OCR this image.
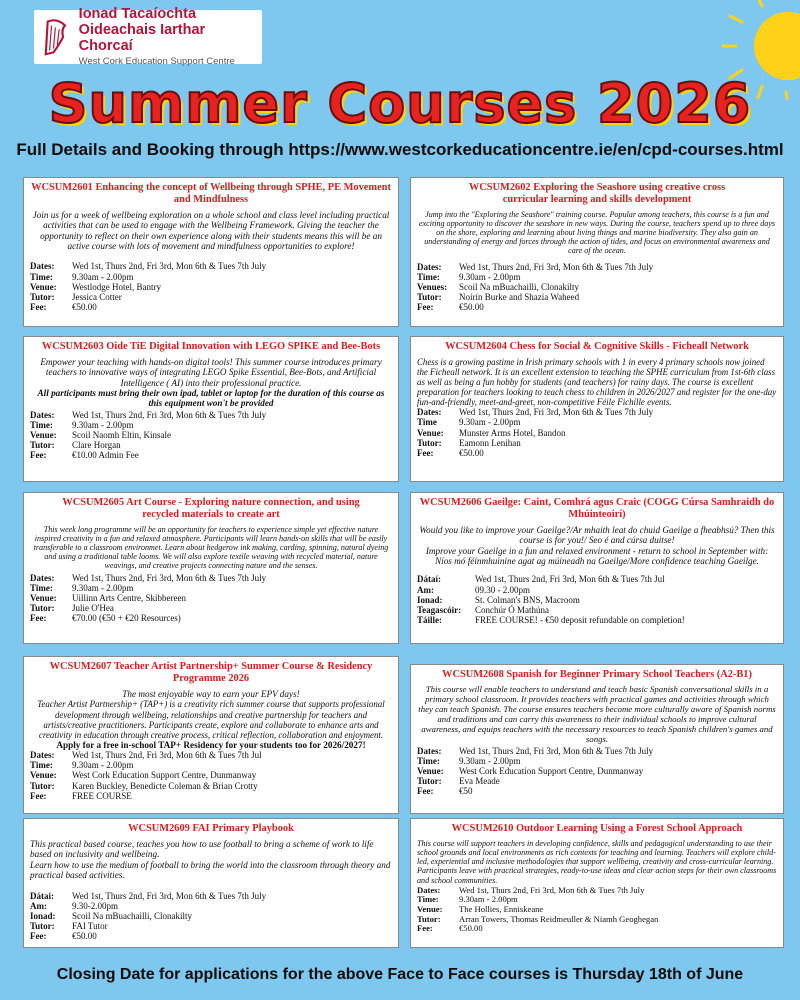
Ionad Tacaíochta
Oideachais Iarthar Chorcaí
West Cork Education Support Centre
Summer Courses 2026
Full Details and Booking through https://www.westcorkeducationcentre.ie/en/cpd-courses.html
WCSUM2601 Enhancing the concept of Wellbeing through SPHE, PE Movement and Mindfulness
Join us for a week of wellbeing exploration on a whole school and class level including practical activities that can be used to engage with the Wellbeing Framework. Giving the teacher the opportunity to reflect on their own experience along with their students means this will be an active course with lots of movement and mindfulness opportunities to explore!
Dates:	Wed 1st, Thurs 2nd, Fri 3rd, Mon 6th & Tues 7th July
Time:	9.30am - 2.00pm
Venue:	Westlodge Hotel, Bantry
Tutor:	Jessica Cotter
Fee:	€50.00
WCSUM2602 Exploring the Seashore using creative cross curricular learning and skills development
Jump into the "Exploring the Seashore" training course. Popular among teachers, this course is a fun and exciting opportunity to discover the seashore in new ways. During the course, teachers spend up to three days on the shore, exploring and learning about living things and marine biodiversity. They also gain an understanding of energy and forces through the action of tides, and focus on environmental awareness and care of the ocean.
Dates:	Wed 1st, Thurs 2nd, Fri 3rd, Mon 6th & Tues 7th July
Time:	9.30am - 2.00pm
Venues:	Scoil Na mBuachailli, Clonakilty
Tutor:	Noírín Burke and Shazia Waheed
Fee:	€50.00
WCSUM2603 Oide TiE Digital Innovation with LEGO SPIKE and Bee-Bots
Empower your teaching with hands-on digital tools! This summer course introduces primary teachers to innovative ways of integrating LEGO Spike Essential, Bee-Bots, and Artificial Intelligence ( AI) into their professional practice.
All participants must bring their own ipad, tablet or laptop for the duration of this course as this equipment won't be provided
Dates:	Wed 1st, Thurs 2nd, Fri 3rd, Mon 6th & Tues 7th July
Time:	9.30am - 2.00pm
Venue:	Scoil Naomh Eltin, Kinsale
Tutor:	Clare Horgan
Fee:	€10.00 Admin Fee
WCSUM2604 Chess for Social & Cognitive Skills - Ficheall Network
Chess is a growing pastime in Irish primary schools with 1 in every 4 primary schools now joined the Ficheall network. It is an excellent extension to teaching the SPHE curriculum from 1st-6th class as well as being a fun hobby for students (and teachers) for rainy days. The course is excellent preparation for teachers looking to teach chess to children in 2026/2027 and register for the one-day fun-and-friendly, meet-and-greet, non-competitive Féile Fichille events.
Dates:	Wed 1st, Thurs 2nd, Fri 3rd, Mon 6th & Tues 7th July
Time	9.30am - 2.00pm
Venue:	Munster Arms Hotel, Bandon
Tutor:	Eamonn Lenihan
Fee:	€50.00
WCSUM2605 Art Course - Exploring nature connection, and using recycled materials to create art
This week long programme will be an opportunity for teachers to experience simple yet effective nature inspired creativity in a fun and relaxed atmosphere. Participants will learn hands-on skills that will be easily transferable to a classroom environmet. Learn about hedgerow ink making, carding, spinning, natural dyeing and using a traditional table looms. We will also explore textile weaving with recycled material, nature weavings, and creative projects connecting nature and the senses.
Dates:	Wed 1st, Thurs 2nd, Fri 3rd, Mon 6th & Tues 7th July
Time:	9.30am - 2.00pm
Venue:	Uillinn Arts Centre, Skibbereen
Tutor:	Julie O'Hea
Fee:	€70.00 (€50 + €20 Resources)
WCSUM2606 Gaeilge: Caint, Comhrá agus Craic (COGG Cúrsa Samhraidh do Mhúinteoirí)
Would you like to improve your Gaeilge?/Ar mhaith leat do chuid Gaeilge a fheabhsú? Then this course is for you!/ Seo é and cúrsa duitse!
Improve your Gaeilge in a fun and relaxed environment - return to school in September with: Níos mó féinmhuinine agat ag múineadh na Gaeilge/More confidence teaching Gaeilge.
Dátaí:	Wed 1st, Thurs 2nd, Fri 3rd, Mon 6th & Tues 7th Jul
Am:	09.30 - 2.00pm
Ionad:	St. Colman's BNS, Macroom
Teagascóir:	Conchúr Ó Mathúna
Táille:	FREE COURSE! - €50 deposit refundable on completion!
WCSUM2607 Teacher Artist Partnership+ Summer Course & Residency Programme 2026
The most enjoyable way to earn your EPV days!
Teacher Artist Partnership+ (TAP+) is a creativity rich summer course that supports professional development through wellbeing, relationships and creative partnership for teachers and artists/creative practitioners. Participants create, explore and collaborate to enhance arts and creativity in education through creative process, critical reflection, collaboration and enjoyment.
Apply for a free in-school TAP+ Residency for your students too for 2026/2027!
Dates:	Wed 1st, Thurs 2nd, Fri 3rd, Mon 6th & Tues 7th Jul
Time:	9.30am - 2.00pm
Venue:	West Cork Education Support Centre, Dunmanway
Tutor:	Karen Buckley, Benedicte Coleman & Brian Crotty
Fee:	FREE COURSE
WCSUM2608 Spanish for Beginner Primary School Teachers (A2-B1)
This course will enable teachers to understand and teach basic Spanish conversational skills in a primary school classroom. It provides teachers with practical games and activities through which they can teach Spanish. The course ensures teachers become more culturally aware of Spanish norms and traditions and can carry this awareness to their individual schools to improve cultural awareness, and equips teachers with the necessary resources to teach Spanish children's games and songs.
Dates:	Wed 1st, Thurs 2nd, Fri 3rd, Mon 6th & Tues 7th July
Time:	9.30am - 2.00pm
Venue:	West Cork Education Support Centre, Dunmanway
Tutor:	Eva Meade
Fee:	€50
WCSUM2609 FAI Primary Playbook
This practical based course, teaches you how to use football to bring a scheme of work to life based on inclusivity and wellbeing.
Learn how to use the medium of football to bring the world into the classroom through theory and practical based activities.
Dátai:	Wed 1st, Thurs 2nd, Fri 3rd, Mon 6th & Tues 7th July
Am:	9.30-2.00pm
Ionad:	Scoil Na mBuachailli, Clonakilty
Tutor:	FAI Tutor
Fee:	€50.00
WCSUM2610 Outdoor Learning Using a Forest School Approach
This course will support teachers in developing confidence, skills and pedagogical understanding to use their school grounds and local environments as rich contexts for teaching and learning. Teachers will explore child-led, experiential and inclusive methodologies that support wellbeing, creativity and cross-curricular learning. Participants leave with practical strategies, ready-to-use ideas and clear action steps for their own classrooms and school communities.
Dates:	Wed 1st, Thurs 2nd, Fri 3rd, Mon 6th & Tues 7th July
Time:	9.30am - 2.00pm
Venue:	The Hollies, Enniskeane
Tutor:	Arran Towers, Thomas Reidmeuller & Niamh Geoghegan
Fee:	€50.00
Closing Date for applications for the above Face to Face courses is Thursday 18th of June
